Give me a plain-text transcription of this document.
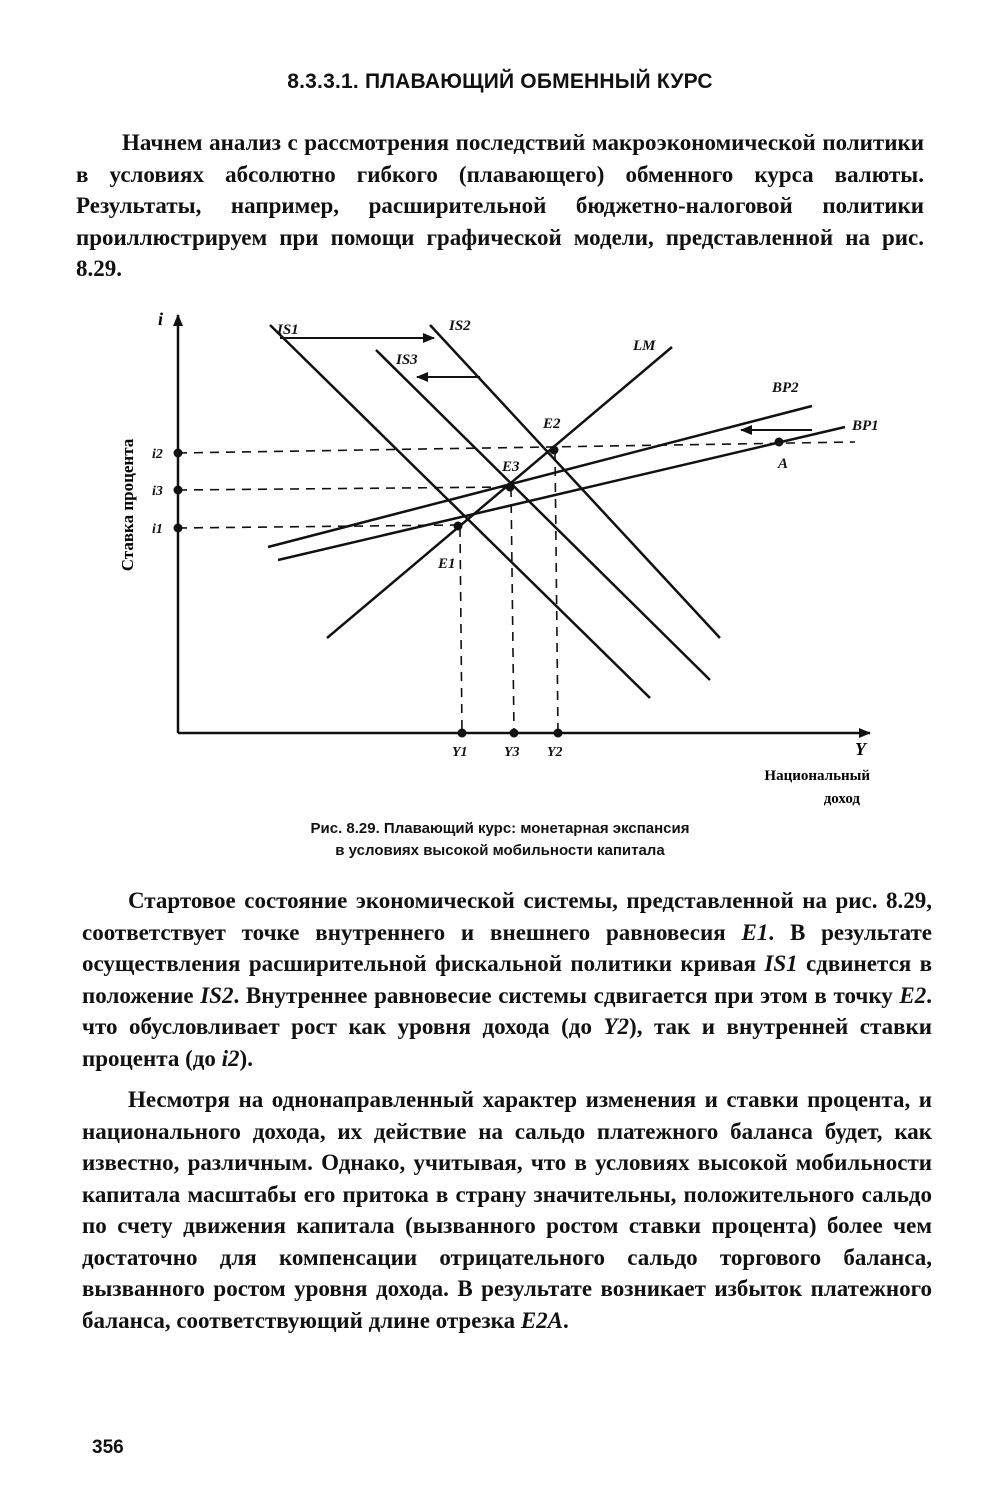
8.3.3.1. ПЛАВАЮЩИЙ ОБМЕННЫЙ КУРС

Начнем анализ с рассмотрения последствий макроэкономической политики в условиях абсолютно гибкого (плавающего) обменного курса валюты. Результаты, например, расширительной бюджетно-налоговой политики проиллюстрируем при помощи графической модели, представленной на рис. 8.29.

i
Y
Ставка процента
Национальный
доход
IS1	IS2
IS3
LM
BP2
BP1
E1
E3
E2
A
i2
i3
i1
Y1	Y3 Y2
Рис. 8.29. Плавающий курс: монетарная экспансия
в условиях высокой мобильности капитала

Стартовое состояние экономической системы, представленной на рис. 8.29, соответствует точке внутреннего и внешнего равновесия E1. В результате осуществления расширительной фискальной политики кривая IS1 сдвинется в положение IS2. Внутреннее равновесие системы сдвигается при этом в точку E2. что обусловливает рост как уровня дохода (до Y2), так и внутренней ставки процента (до i2).

Несмотря на однонаправленный характер изменения и ставки процента, и национального дохода, их действие на сальдо платежного баланса будет, как известно, различным. Однако, учитывая, что в условиях высокой мобильности капитала масштабы его притока в страну значительны, положительного сальдо по счету движения капитала (вызванного ростом ставки процента) более чем достаточно для компенсации отрицательного сальдо торгового баланса, вызванного ростом уровня дохода. В результате возникает избыток платежного баланса, соответствующий длине отрезка E2A.

356
